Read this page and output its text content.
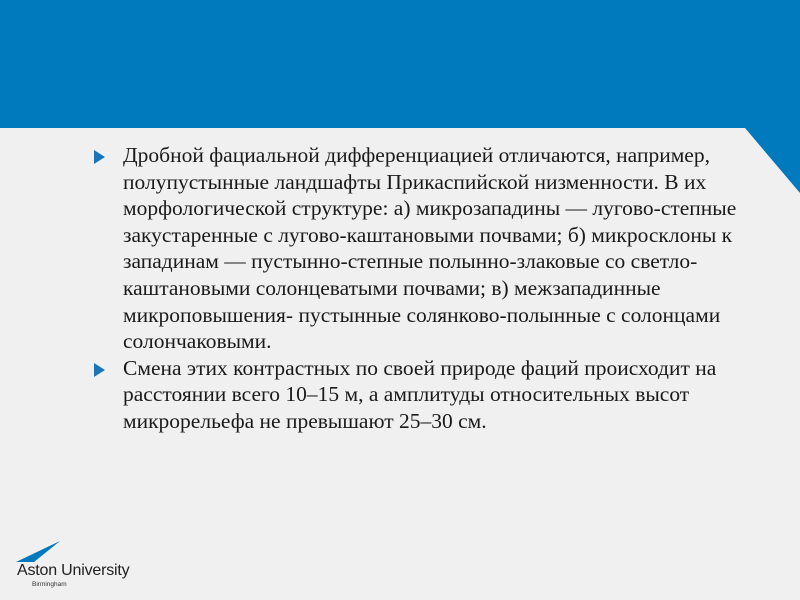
Дробной фациальной дифференциацией отличаются, например, полупустынные ландшафты Прикаспийской низменности. В их морфологической структуре: а) микрозападины — лугово-степные закустаренные с лугово-каштановыми почвами; б) микросклоны к западинам — пустынно-степные полынно-злаковые со светло-каштановыми солонцеватыми почвами; в) межзападинные микроповышения- пустынные солянково-полынные с солонцами солончаковыми.
Смена этих контрастных по своей природе фаций происходит на расстоянии всего 10–15 м, а амплитуды относительных высот микрорельефа не превышают 25–30 см.
Aston University
Birmingham
